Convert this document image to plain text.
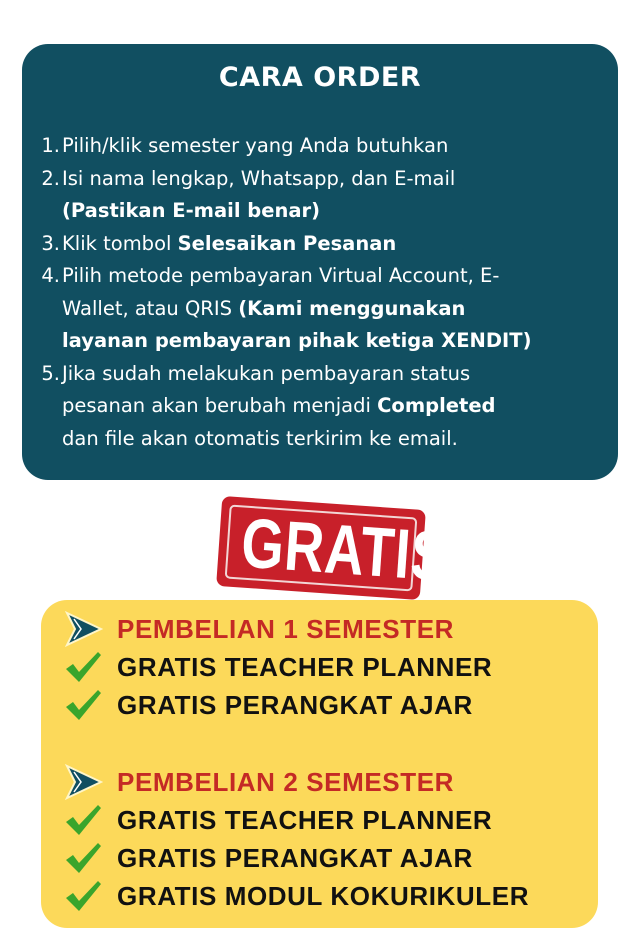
CARA ORDER
1. Pilih/klik semester yang Anda butuhkan
2. Isi nama lengkap, Whatsapp, dan E-mail
(Pastikan E-mail benar)
3. Klik tombol Selesaikan Pesanan
4. Pilih metode pembayaran Virtual Account, E-
Wallet, atau QRIS (Kami menggunakan
layanan pembayaran pihak ketiga XENDIT)
5. Jika sudah melakukan pembayaran status
pesanan akan berubah menjadi Completed
dan file akan otomatis terkirim ke email.
GRATIS
PEMBELIAN 1 SEMESTER
GRATIS TEACHER PLANNER
GRATIS PERANGKAT AJAR
PEMBELIAN 2 SEMESTER
GRATIS TEACHER PLANNER
GRATIS PERANGKAT AJAR
GRATIS MODUL KOKURIKULER
